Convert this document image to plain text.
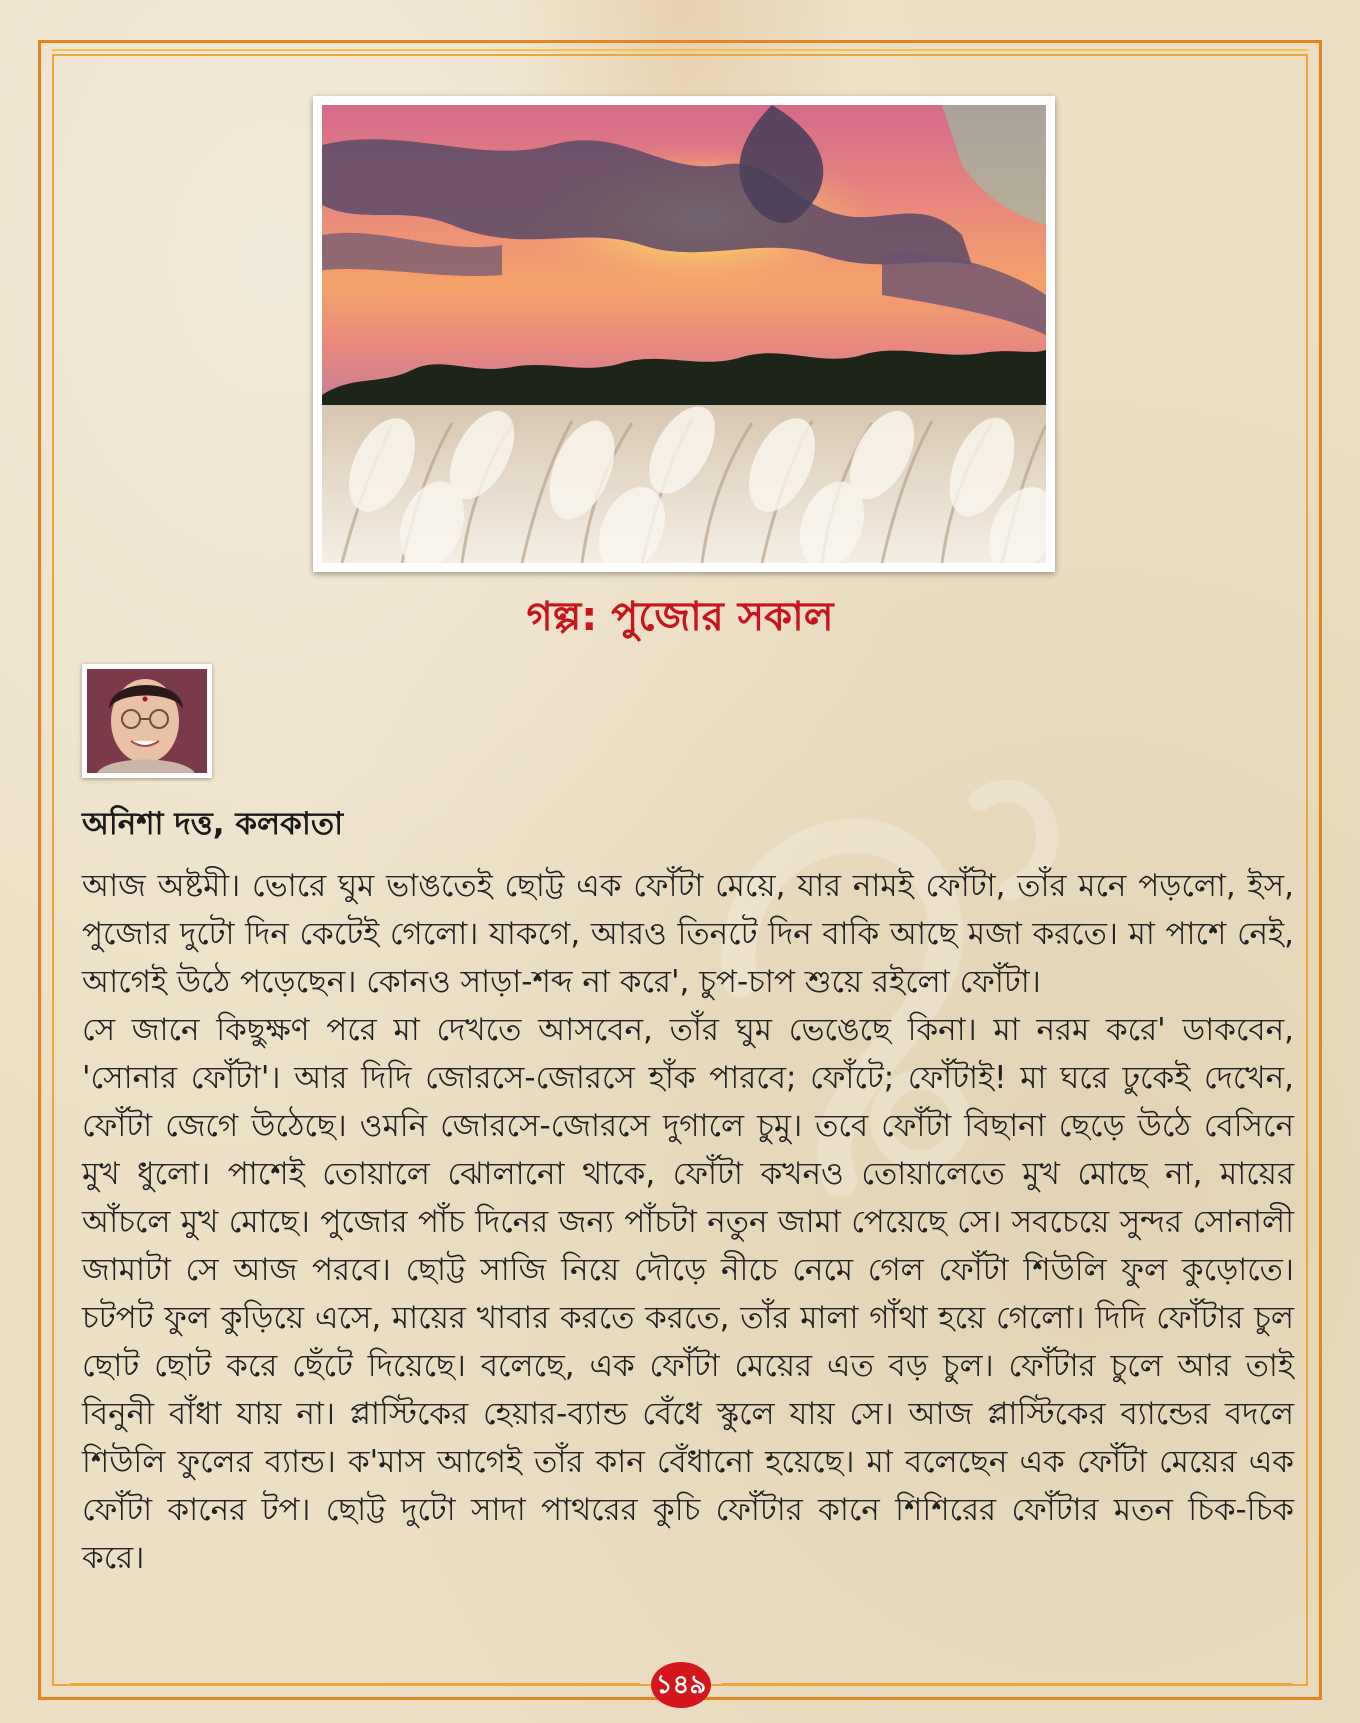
গল্প: পুজোর সকাল
অনিশা দত্ত, কলকাতা

আজ অষ্টমী। ভোরে ঘুম ভাঙতেই ছোট্ট এক ফোঁটা মেয়ে, যার নামই ফোঁটা, তাঁর মনে পড়লো, ইস, পুজোর দুটো দিন কেটেই গেলো। যাকগে, আরও তিনটে দিন বাকি আছে মজা করতে। মা পাশে নেই, আগেই উঠে পড়েছেন। কোনও সাড়া-শব্দ না করে', চুপ-চাপ শুয়ে রইলো ফোঁটা।

সে জানে কিছুক্ষণ পরে মা দেখতে আসবেন, তাঁর ঘুম ভেঙেছে কিনা। মা নরম করে' ডাকবেন, 'সোনার ফোঁটা'। আর দিদি জোরসে-জোরসে হাঁক পারবে; ফোঁটে; ফোঁটাই! মা ঘরে ঢুকেই দেখেন, ফোঁটা জেগে উঠেছে। ওমনি জোরসে-জোরসে দুগালে চুমু। তবে ফোঁটা বিছানা ছেড়ে উঠে বেসিনে মুখ ধুলো। পাশেই তোয়ালে ঝোলানো থাকে, ফোঁটা কখনও তোয়ালেতে মুখ মোছে না, মায়ের আঁচলে মুখ মোছে। পুজোর পাঁচ দিনের জন্য পাঁচটা নতুন জামা পেয়েছে সে। সবচেয়ে সুন্দর সোনালী জামাটা সে আজ পরবে। ছোট্ট সাজি নিয়ে দৌড়ে নীচে নেমে গেল ফোঁটা শিউলি ফুল কুড়োতে। চটপট ফুল কুড়িয়ে এসে, মায়ের খাবার করতে করতে, তাঁর মালা গাঁথা হয়ে গেলো। দিদি ফোঁটার চুল ছোট ছোট করে ছেঁটে দিয়েছে। বলেছে, এক ফোঁটা মেয়ের এত বড় চুল। ফোঁটার চুলে আর তাই বিনুনী বাঁধা যায় না। প্লাস্টিকের হেয়ার-ব্যান্ড বেঁধে স্কুলে যায় সে। আজ প্লাস্টিকের ব্যান্ডের বদলে শিউলি ফুলের ব্যান্ড। ক'মাস আগেই তাঁর কান বেঁধানো হয়েছে। মা বলেছেন এক ফোঁটা মেয়ের এক ফোঁটা কানের টপ। ছোট্ট দুটো সাদা পাথরের কুচি ফোঁটার কানে শিশিরের ফোঁটার মতন চিক-চিক করে।

১৪৯
